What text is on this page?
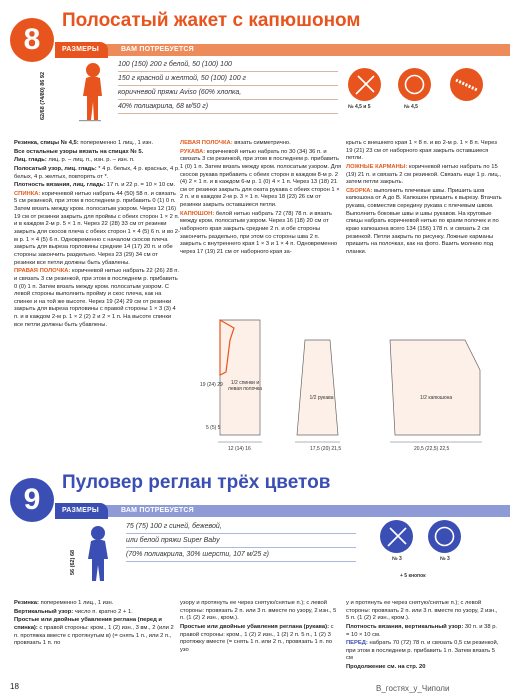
8
Полосатый жакет с капюшоном
РАЗМЕРЫ	ВАМ ПОТРЕБУЕТСЯ
62/68 (74/80) 86 92
100 (150) 200 г белой, 50 (100) 100
150 г красной и желтой, 50 (100) 100 г
коричневой пряжи Aviso (60% хлопка,
40% полиакрила, 68 м/50 г)	№ 4,5 и 5	№ 4,5

Резинка, спицы № 4,5: попеременно 1 лиц., 1 изн.

Все остальные узоры вязать на спицах № 5.

Лиц. гладь: лиц. р. – лиц. п., изн. р. – изн. п.

Полосатый узор, лиц. гладь: * 4 р. белых, 4 р. красных, 4 р. белых, 4 р. желтых, повторять от *.

Плотность вязания, лиц. гладь: 17 п. и 22 р. = 10 × 10 см.

СПИНКА: коричневой нитью набрать 44 (50) 58 п. и связать 5 см резинкой, при этом в последнем р. прибавить 0 (1) 0 п. Затем вязать между кром. полосатым узором. Через 12 (16) 19 см от резинки закрыть для проймы с обеих сторон 1 × 2 п. и в каждом 2-м р. 5 × 1 п. Через 22 (28) 33 см от резинки закрыть для скосов плеча с обеих сторон 1 × 4 (5) 6 п. и во 2-м р. 1 × 4 (5) 6 п. Одновременно с началом скосов плеча закрыть для выреза горловины средние 14 (17) 20 п. и обе стороны закончить раздельно. Через 23 (29) 34 см от резинки все петли должны быть убавлены.

ПРАВАЯ ПОЛОЧКА: коричневой нитью набрать 22 (26) 28 п. и связать 3 см резинкой, при этом в последнем р. прибавить 0 (0) 1 п. Затем вязать между кром. полосатым узором. С левой стороны выполнить пройму и скос плеча, как на спинке и на той же высоте. Через 19 (24) 29 см от резинки закрыть для выреза горловины с правой стороны 1 × 3 (3) 4 п. и в каждом 2-м р. 1 × 2 (2) 2 и 2 × 1 п. На высоте спинки все петли должны быть убавлены.

ЛЕВАЯ ПОЛОЧКА: вязать симметрично.

РУКАВА: коричневой нитью набрать по 30 (34) 36 п. и связать 3 см резинкой, при этом в последнем р. прибавить 1 (0) 1 п. Затем вязать между кром. полосатым узором. Для скосов рукава прибавить с обеих сторон в каждом 8-м р. 2 (4) 2 × 1 п. и в каждом 6-м р. 1 (0) 4 × 1 п. Через 13 (18) 21 см от резинки закрыть для оката рукава с обеих сторон 1 × 2 п. и в каждом 2-м р. 3 × 1 п. Через 18 (23) 26 см от резинки закрыть оставшиеся петли.

КАПЮШОН: белой нитью набрать 72 (78) 78 п. и вязать между кром. полосатым узором. Через 16 (18) 20 см от наборного края закрыть средние 2 п. и обе стороны закончить раздельно, при этом со стороны шва 2 п. закрыть с внутреннего края 1 × 3 и 1 × 4 п. Одновременно через 17 (19) 21 см от наборного края за-

крыть с внешнего края 1 × 8 п. и во 2-м р. 1 × 8 п. Через 19 (21) 23 см от наборного края закрыть оставшиеся петли.

ЛОЖНЫЕ КАРМАНЫ: коричневой нитью набрать по 15 (19) 21 п. и связать 2 см резинкой. Связать еще 1 р. лиц., затем петли закрыть.

СБОРКА: выполнить плечевые швы. Пришить шов капюшона от A до B. Капюшон пришить к вырезу. Втачать рукава, совместив середину рукава с плечевым швом. Выполнить боковые швы и швы рукавов. На круговые спицы набрать коричневой нитью по краям полочек и по краю капюшона всего 134 (156) 178 п. и связать 2 см резинкой. Петли закрыть по рисунку. Ложные карманы пришить на полочках, как на фото. Вшить молнию под планки.

1/2 спинки и левая полочка
1/2 рукава	1/2 капюшона
12 (14) 16	17,5 (20) 21,5	20,5 (22,5) 22,5
19 (24) 29
5 (5) 5
9
Пуловер реглан трёх цветов
РАЗМЕРЫ	ВАМ ПОТРЕБУЕТСЯ
56 (62) 68
75 (75) 100 г синей, бежевой,
или белой пряжи Super Baby
(70% полиакрила, 30% шерсти, 107 м/25 г)
№ 3	№ 3
+ 5 кнопок

Резинка: попеременно 1 лиц., 1 изн.

Вертикальный узор: число п. кратно 2 + 1.

Простые или двойные убавления реглана (перед и спинка): с правой стороны: кром., 1 (2) изн., 3 вм., 2 (или 2 п. протяжка вместе с протянутым в) (= снять 1 п., или 2 п., провязать 1 п. по

узору и протянуть ее через снятую/снятые п.); с левой стороны: провязать 2 п. или 3 п. вместе по узору, 2 изн., 5 п. (1 (2) 2 изн., кром.).

Простые или двойные убавления реглана (рукава): с правой стороны: кром., 1 (2) 2 изн., 1 (2) 2 п. 5 п., 1 (2) 3 протяжку вместе (= снять 1 п. или 2 п., провязать 1 п. по узо

у и протянуть ее через снятую/снятые п.); с левой стороны: провязать 2 п. или 3 п. вместе по узору, 2 изн., 5 п. (1 (2) 2 изн., кром.).

Плотность вязания, вертикальный узор: 30 п. и 38 р. = 10 × 10 см.

ПЕРЕД: набрать 70 (72) 78 п. и связать 0,5 см резинкой, при этом в последнем р. прибавить 1 п. Затем вязать 5 см

Продолжение см. на стр. 20

18	В_гостях_у_Чиполи
